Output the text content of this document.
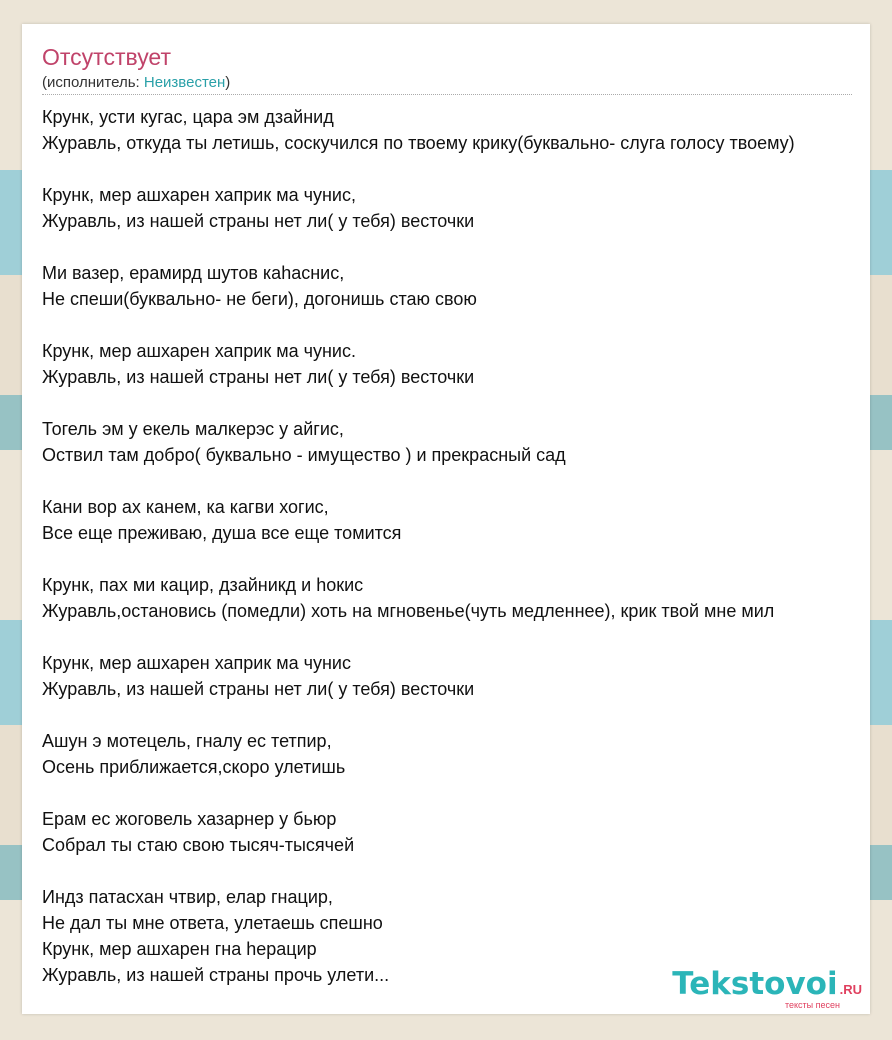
Отсутствует
(исполнитель: Неизвестен)
Крунк, усти кугас, цара эм дзайнид
Журавль, откуда ты летишь, соскучился по твоему крику(буквально- слуга голосу твоему)
Крунк, мер ашхарен хаприк ма чунис,
Журавль, из нашей страны нет ли( у тебя) весточки
Ми вазер, ерамирд шутов каhаснис,
Не спеши(буквально- не беги), догонишь стаю свою
Крунк, мер ашхарен хаприк ма чунис.
Журавль, из нашей страны нет ли( у тебя) весточки
Тогель эм у екель малкерэс у айгис,
Оствил там добро( буквально - имущество ) и прекрасный сад
Кани вор ах канем, ка кагви хогис,
Все еще преживаю, душа все еще томится
Крунк, пах ми кацир, дзайникд и hокис
Журавль,остановись (помедли) хоть на мгновенье(чуть медленнее), крик твой мне мил
Крунк, мер ашхарен хаприк ма чунис
Журавль, из нашей страны нет ли( у тебя) весточки
Ашун э мотецель, гналу ес тетпир,
Осень приближается,скоро улетишь
Ерам ес жоговель хазарнер у бьюр
Собрал ты стаю свою тысяч-тысячей
Индз патасхан чтвир, елар гнацир,
Не дал ты мне ответа, улетаешь спешно
Крунк, мер ашхарен гна hерацир
Журавль, из нашей страны прочь улети...	Tekstovoi .RU
тексты песен
